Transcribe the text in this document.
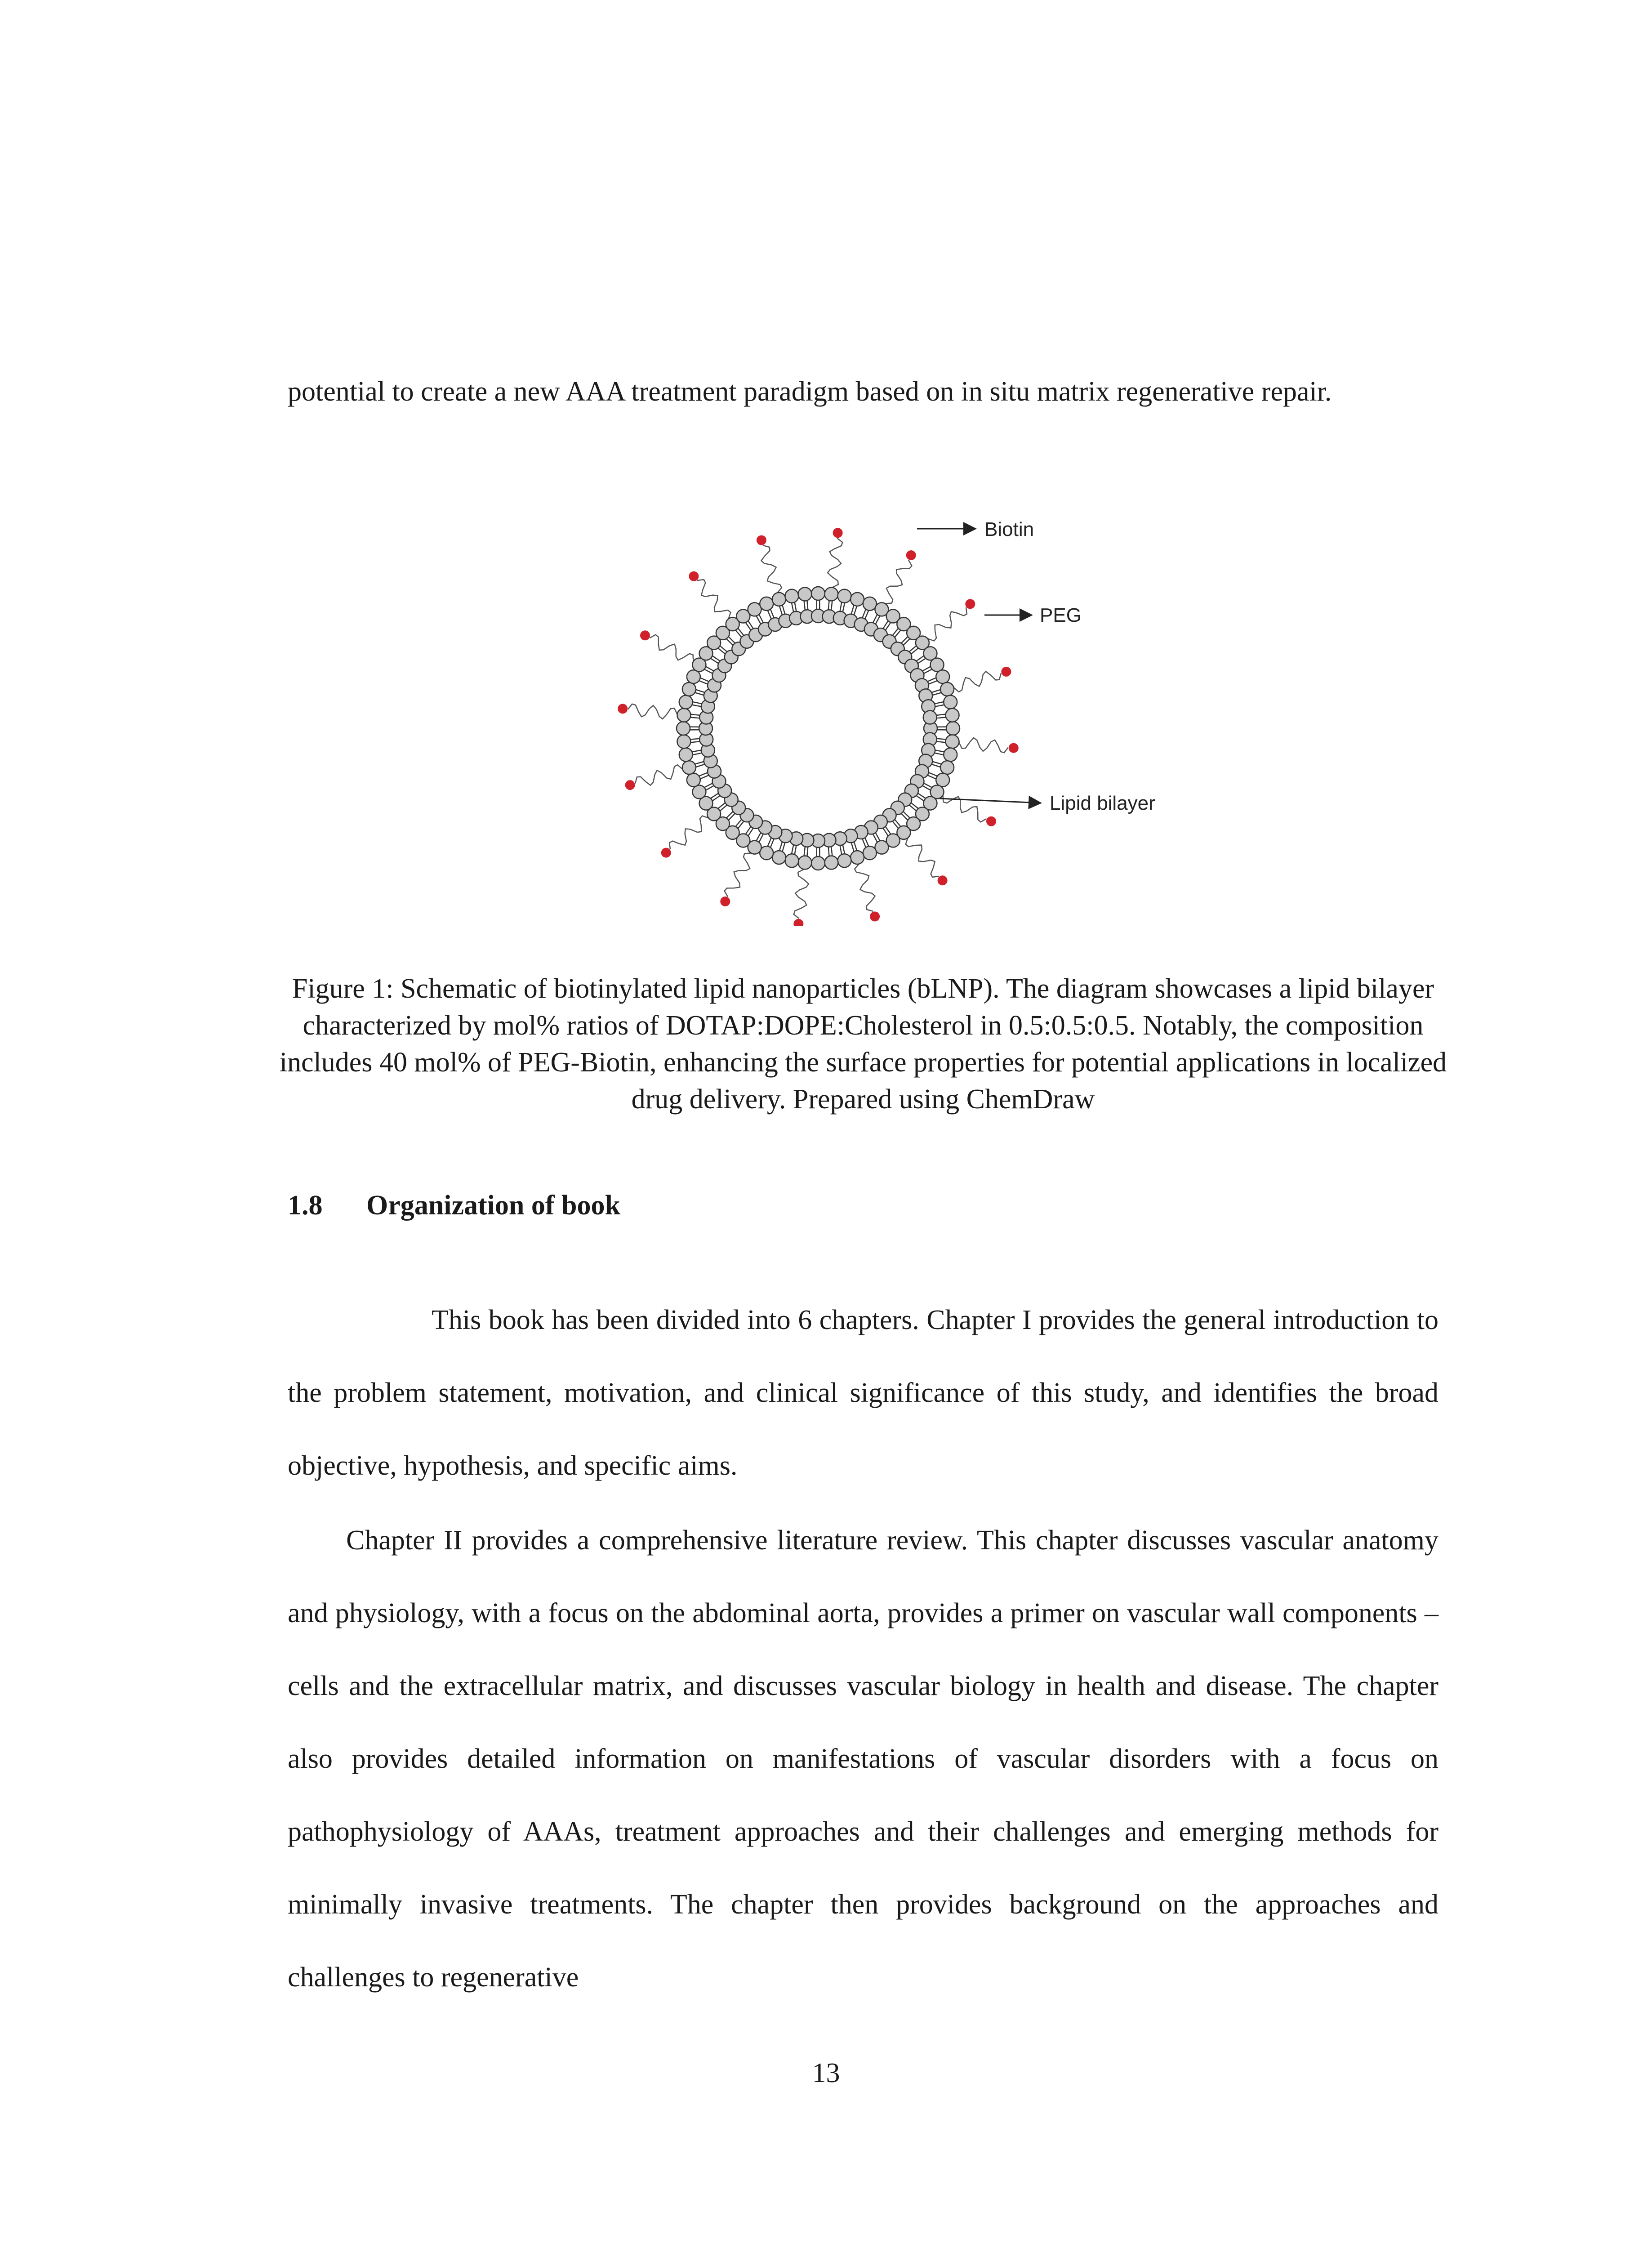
potential to create a new AAA treatment paradigm based on in situ matrix regenerative repair.

Biotin
PEG
Lipid bilayer

Figure 1: Schematic of biotinylated lipid nanoparticles (bLNP). The diagram showcases a lipid bilayer characterized by mol% ratios of DOTAP:DOPE:Cholesterol in 0.5:0.5:0.5. Notably, the composition includes 40 mol% of PEG-Biotin, enhancing the surface properties for potential applications in localized drug delivery. Prepared using ChemDraw

1.8 Organization of book

This book has been divided into 6 chapters. Chapter I provides the general introduction to the problem statement, motivation, and clinical significance of this study, and identifies the broad objective, hypothesis, and specific aims.

Chapter II provides a comprehensive literature review. This chapter discusses vascular anatomy and physiology, with a focus on the abdominal aorta, provides a primer on vascular wall components – cells and the extracellular matrix, and discusses vascular biology in health and disease. The chapter also provides detailed information on manifestations of vascular disorders with a focus on pathophysiology of AAAs, treatment approaches and their challenges and emerging methods for minimally invasive treatments. The chapter then provides background on the approaches and challenges to regenerative

13
